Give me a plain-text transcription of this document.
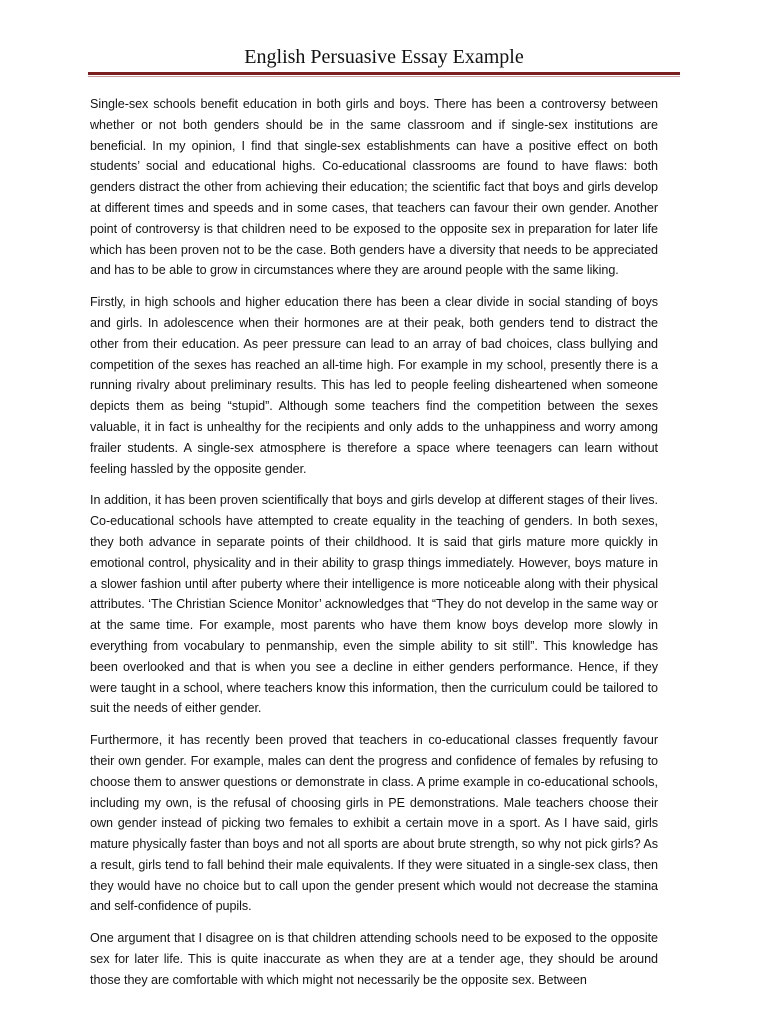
English Persuasive Essay Example

Single-sex schools benefit education in both girls and boys. There has been a controversy between whether or not both genders should be in the same classroom and if single-sex institutions are beneficial. In my opinion, I find that single-sex establishments can have a positive effect on both students’ social and educational highs. Co-educational classrooms are found to have flaws: both genders distract the other from achieving their education; the scientific fact that boys and girls develop at different times and speeds and in some cases, that teachers can favour their own gender. Another point of controversy is that children need to be exposed to the opposite sex in preparation for later life which has been proven not to be the case. Both genders have a diversity that needs to be appreciated and has to be able to grow in circumstances where they are around people with the same liking.

Firstly, in high schools and higher education there has been a clear divide in social standing of boys and girls. In adolescence when their hormones are at their peak, both genders tend to distract the other from their education. As peer pressure can lead to an array of bad choices, class bullying and competition of the sexes has reached an all-time high. For example in my school, presently there is a running rivalry about preliminary results. This has led to people feeling disheartened when someone depicts them as being “stupid”. Although some teachers find the competition between the sexes valuable, it in fact is unhealthy for the recipients and only adds to the unhappiness and worry among frailer students. A single-sex atmosphere is therefore a space where teenagers can learn without feeling hassled by the opposite gender.

In addition, it has been proven scientifically that boys and girls develop at different stages of their lives. Co-educational schools have attempted to create equality in the teaching of genders. In both sexes, they both advance in separate points of their childhood. It is said that girls mature more quickly in emotional control, physicality and in their ability to grasp things immediately. However, boys mature in a slower fashion until after puberty where their intelligence is more noticeable along with their physical attributes. ‘The Christian Science Monitor’ acknowledges that “They do not develop in the same way or at the same time. For example, most parents who have them know boys develop more slowly in everything from vocabulary to penmanship, even the simple ability to sit still”. This knowledge has been overlooked and that is when you see a decline in either genders performance. Hence, if they were taught in a school, where teachers know this information, then the curriculum could be tailored to suit the needs of either gender.

Furthermore, it has recently been proved that teachers in co-educational classes frequently favour their own gender. For example, males can dent the progress and confidence of females by refusing to choose them to answer questions or demonstrate in class. A prime example in co-educational schools, including my own, is the refusal of choosing girls in PE demonstrations. Male teachers choose their own gender instead of picking two females to exhibit a certain move in a sport. As I have said, girls mature physically faster than boys and not all sports are about brute strength, so why not pick girls? As a result, girls tend to fall behind their male equivalents. If they were situated in a single-sex class, then they would have no choice but to call upon the gender present which would not decrease the stamina and self-confidence of pupils.

One argument that I disagree on is that children attending schools need to be exposed to the opposite sex for later life. This is quite inaccurate as when they are at a tender age, they should be around those they are comfortable with which might not necessarily be the opposite sex. Between
